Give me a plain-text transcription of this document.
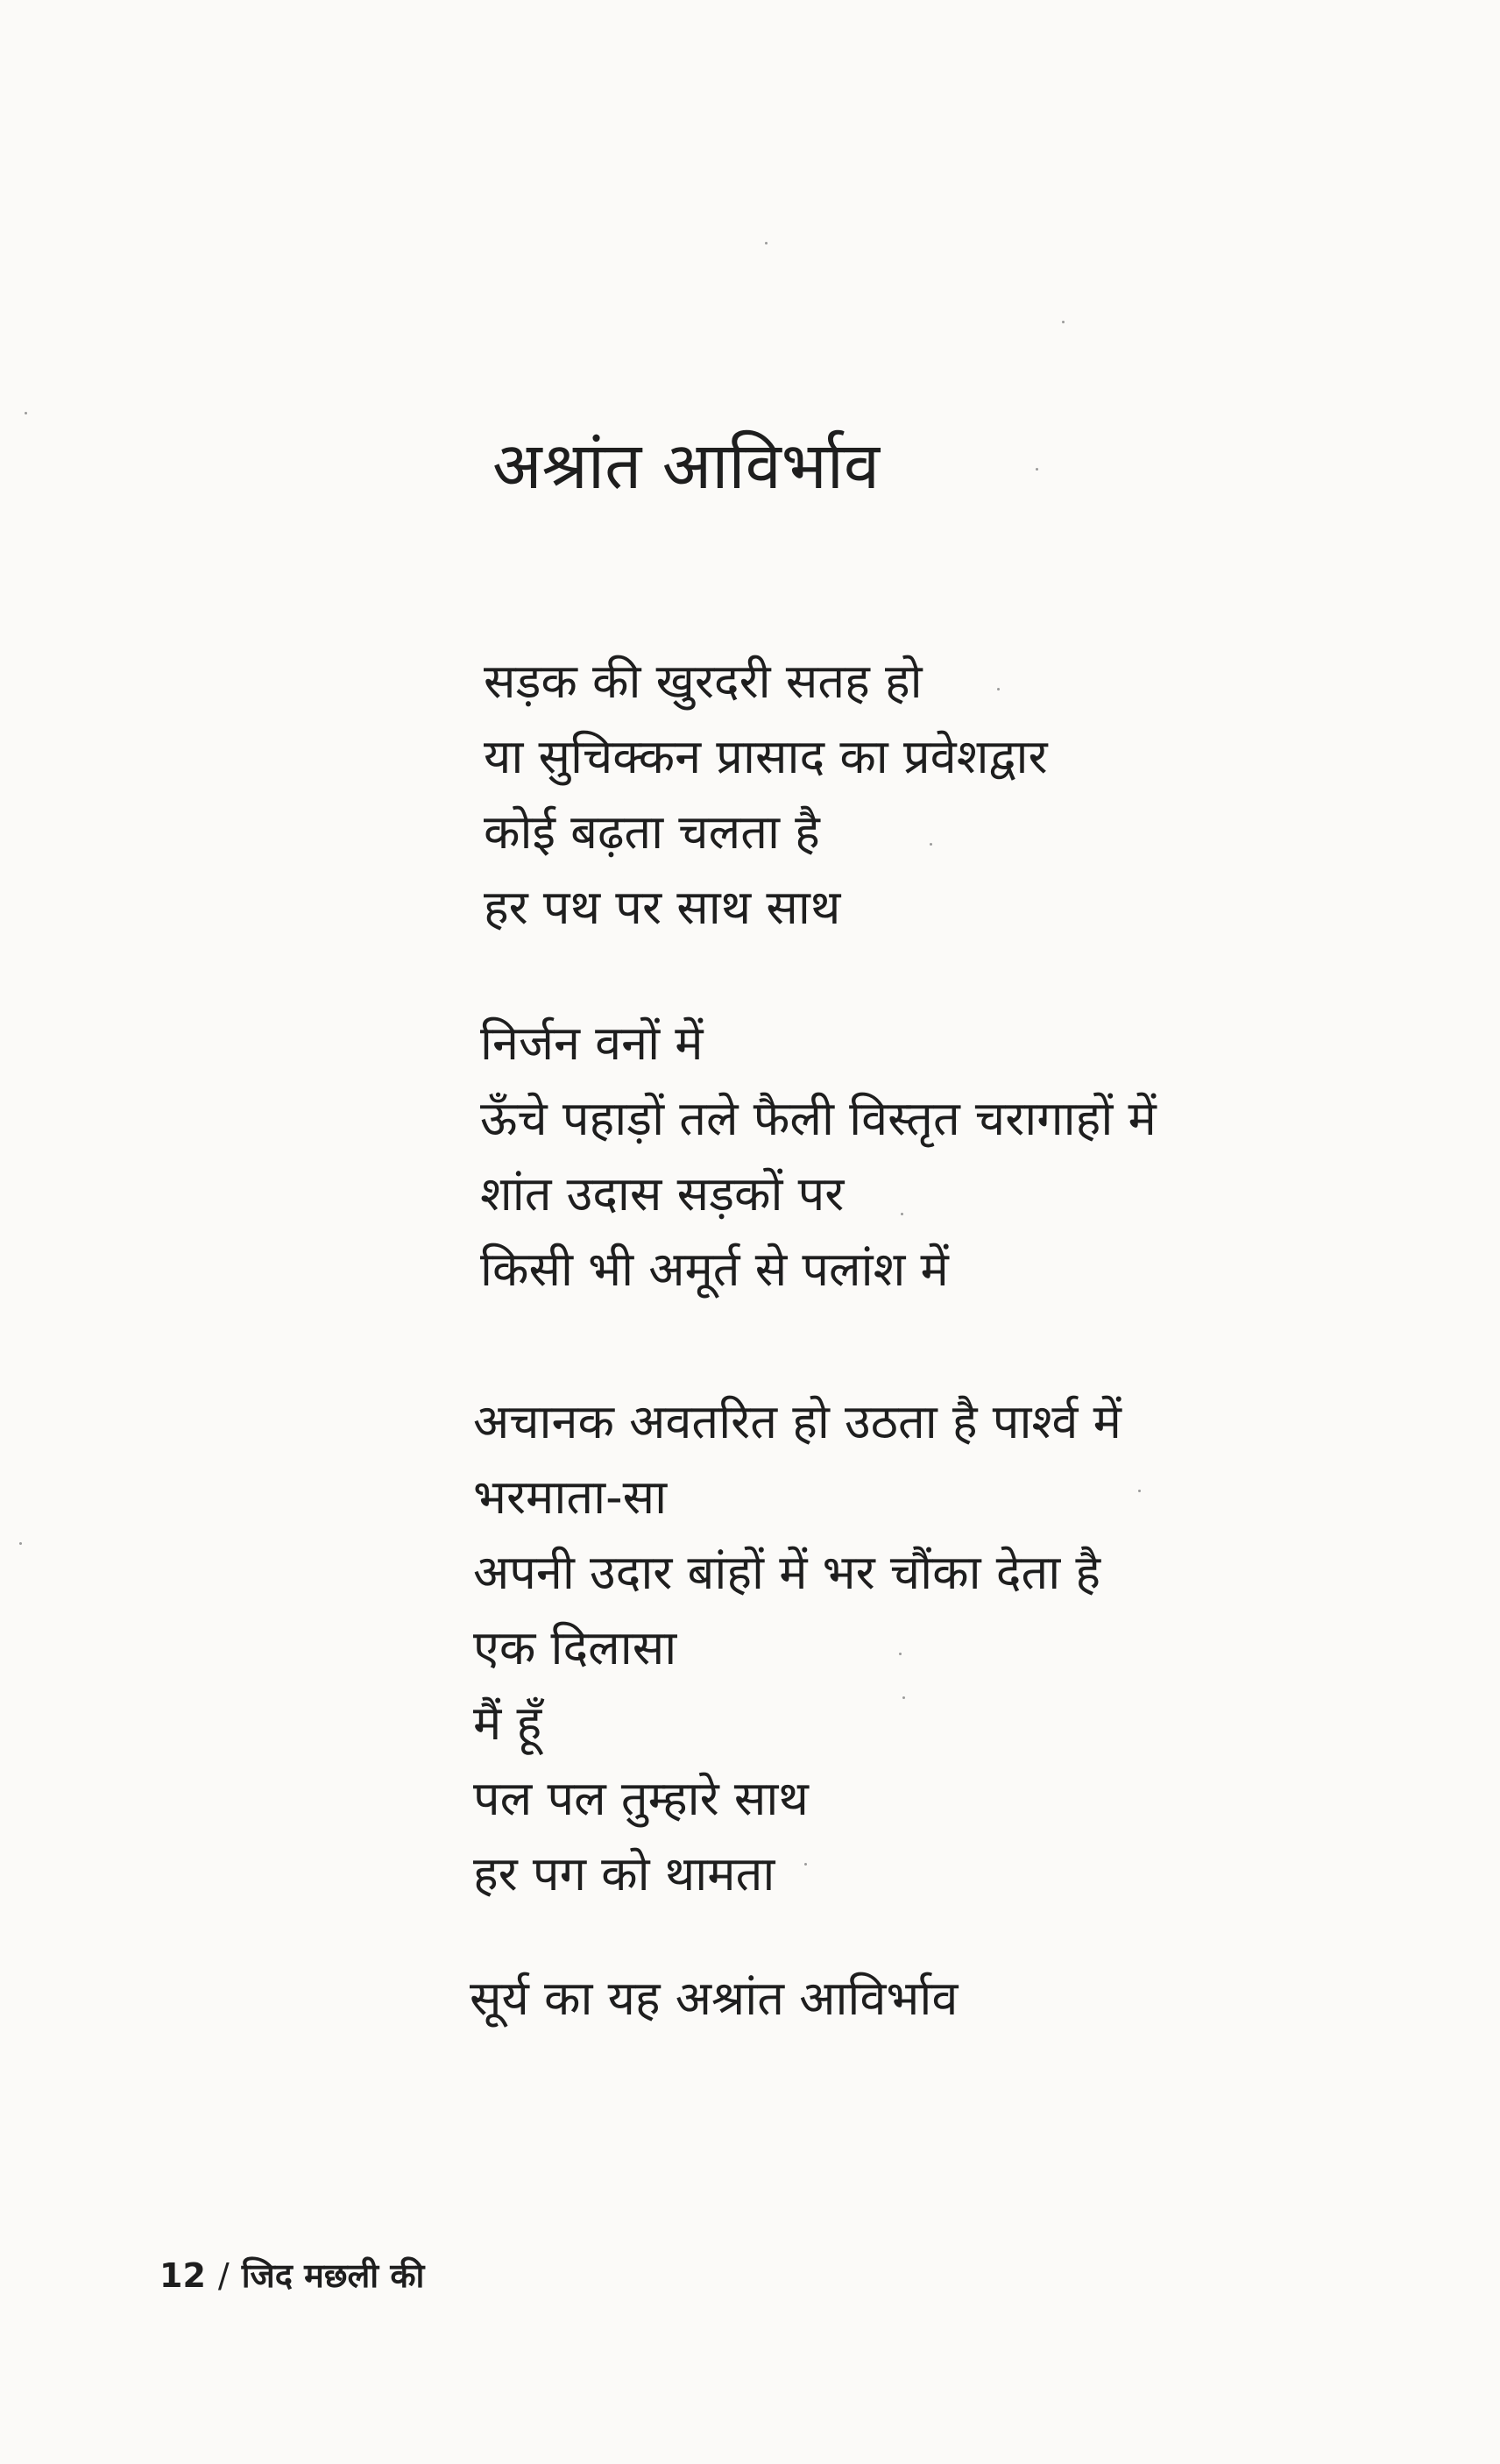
अश्रांत आविर्भाव
सड़क की खुरदरी सतह हो
या सुचिक्कन प्रासाद का प्रवेशद्वार
कोई बढ़ता चलता है
हर पथ पर साथ साथ
निर्जन वनों में
ऊँचे पहाड़ों तले फैली विस्तृत चरागाहों में
शांत उदास सड़कों पर
किसी भी अमूर्त से पलांश में
अचानक अवतरित हो उठता है पार्श्व में
भरमाता-सा
अपनी उदार बांहों में भर चौंका देता है
एक दिलासा
मैं हूँ
पल पल तुम्हारे साथ
हर पग को थामता
सूर्य का यह अश्रांत आविर्भाव
12 / जिद मछली की
